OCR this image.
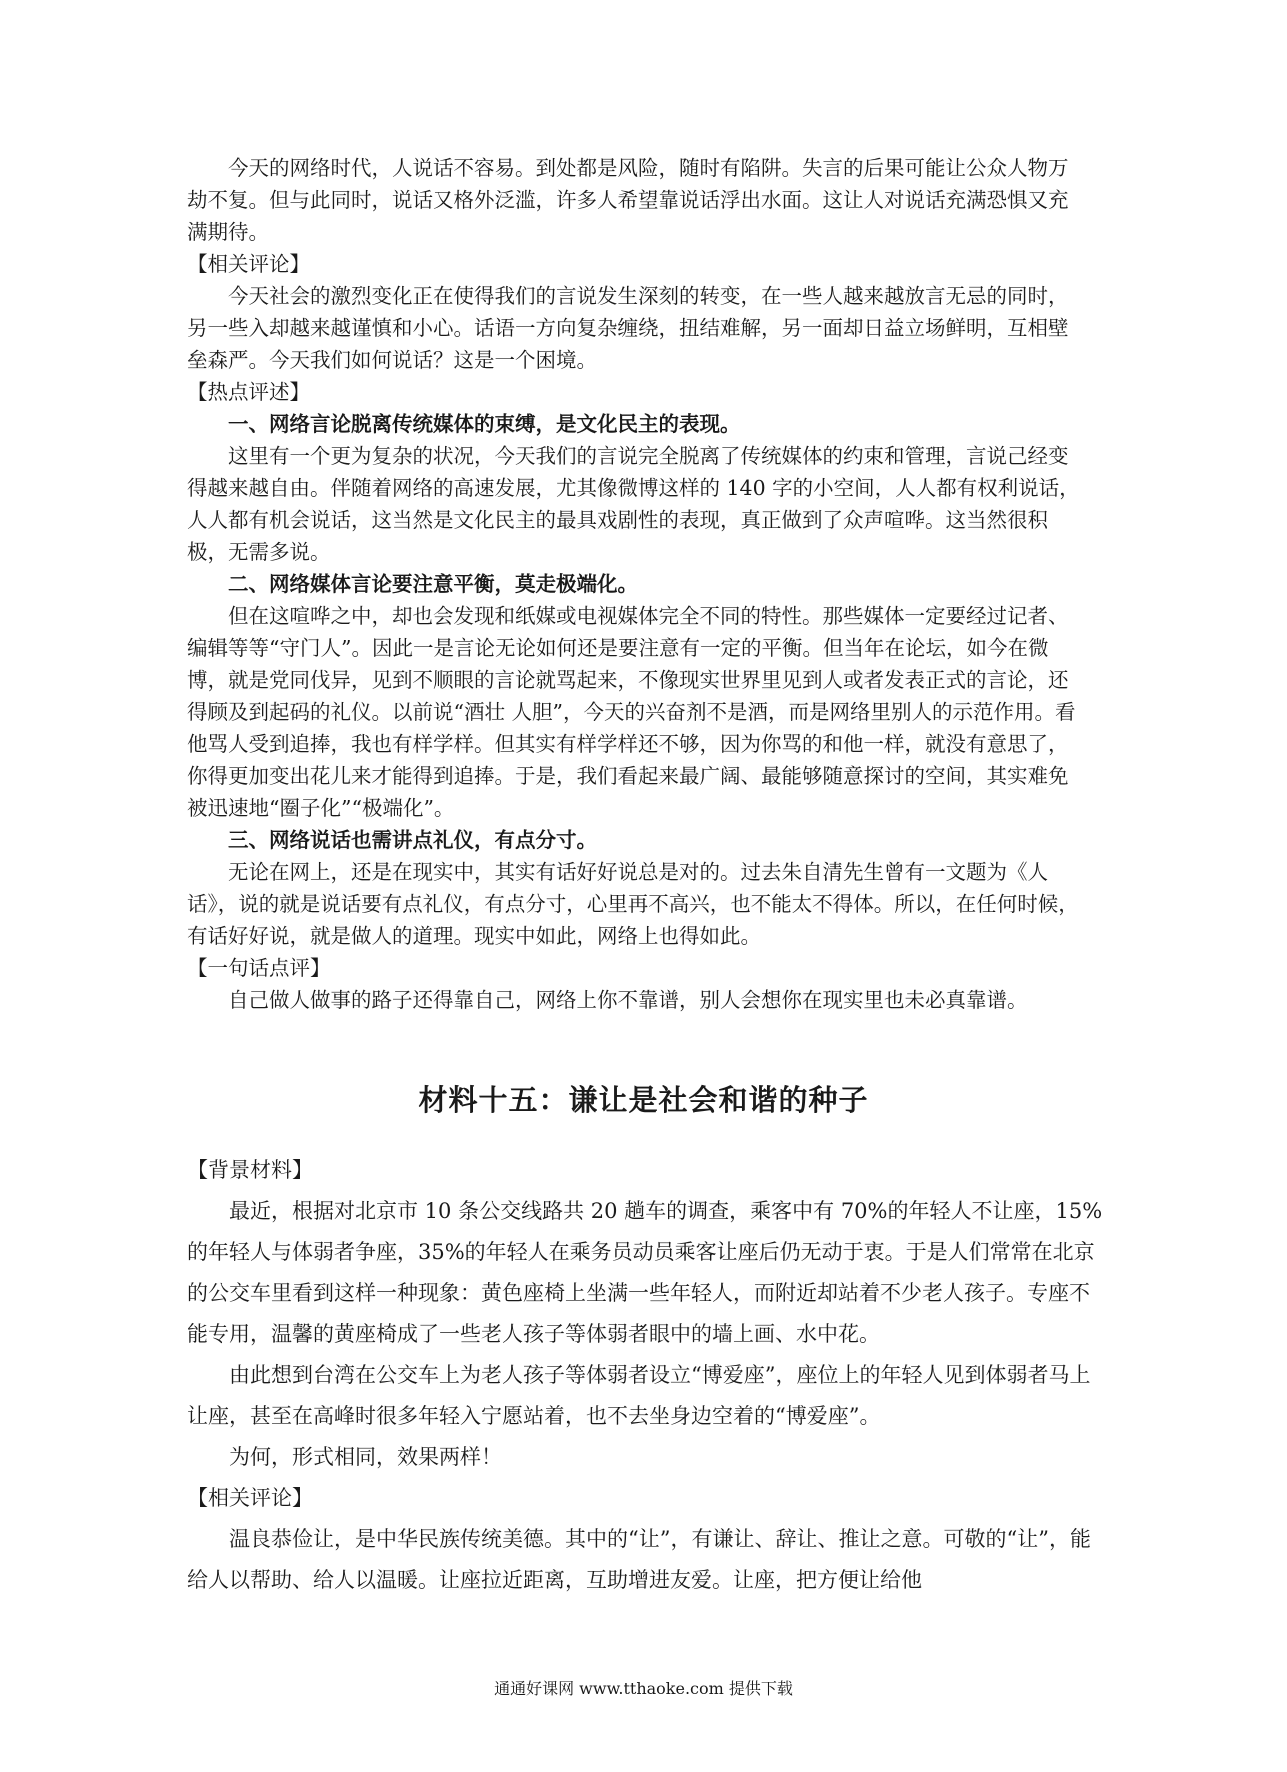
今天的网络时代，人说话不容易。到处都是风险，随时有陷阱。失言的后果可能让公众人物万劫不复。但与此同时，说话又格外泛滥，许多人希望靠说话浮出水面。这让人对说话充满恐惧又充满期待。

【相关评论】

今天社会的激烈变化正在使得我们的言说发生深刻的转变，在一些人越来越放言无忌的同时，另一些入却越来越谨慎和小心。话语一方向复杂缠绕，扭结难解，另一面却日益立场鲜明，互相壁垒森严。今天我们如何说话？这是一个困境。

【热点评述】

一、网络言论脱离传统媒体的束缚，是文化民主的表现。

这里有一个更为复杂的状况，今天我们的言说完全脱离了传统媒体的约束和管理，言说己经变得越来越自由。伴随着网络的高速发展，尤其像微博这样的 140 字的小空间，人人都有权利说话，人人都有机会说话，这当然是文化民主的最具戏剧性的表现，真正做到了众声喧哗。这当然很积极，无需多说。

二、网络媒体言论要注意平衡，莫走极端化。

但在这喧哗之中，却也会发现和纸媒或电视媒体完全不同的特性。那些媒体一定要经过记者、编辑等等“守门人”。因此一是言论无论如何还是要注意有一定的平衡。但当年在论坛，如今在微博，就是党同伐异，见到不顺眼的言论就骂起来，不像现实世界里见到人或者发表正式的言论，还得顾及到起码的礼仪。以前说“酒壮 人胆”，今天的兴奋剂不是酒，而是网络里别人的示范作用。看他骂人受到追捧，我也有样学样。但其实有样学样还不够，因为你骂的和他一样，就没有意思了，你得更加变出花儿来才能得到追捧。于是，我们看起来最广阔、最能够随意探讨的空间，其实难免被迅速地“圈子化”“极端化”。

三、网络说话也需讲点礼仪，有点分寸。

无论在网上，还是在现实中，其实有话好好说总是对的。过去朱自清先生曾有一文题为《人话》，说的就是说话要有点礼仪，有点分寸，心里再不高兴，也不能太不得体。所以，在任何时候，有话好好说，就是做人的道理。现实中如此，网络上也得如此。

【一句话点评】

自己做人做事的路子还得靠自己，网络上你不靠谱，别人会想你在现实里也未必真靠谱。

材料十五：谦让是社会和谐的种子

【背景材料】

最近，根据对北京市 10 条公交线路共 20 趟车的调查，乘客中有 70%的年轻人不让座，15%的年轻人与体弱者争座，35%的年轻人在乘务员动员乘客让座后仍无动于衷。于是人们常常在北京的公交车里看到这样一种现象：黄色座椅上坐满一些年轻人，而附近却站着不少老人孩子。专座不能专用，温馨的黄座椅成了一些老人孩子等体弱者眼中的墙上画、水中花。

由此想到台湾在公交车上为老人孩子等体弱者设立“博爱座”，座位上的年轻人见到体弱者马上让座，甚至在高峰时很多年轻入宁愿站着，也不去坐身边空着的“博爱座”。

为何，形式相同，效果两样！

【相关评论】

温良恭俭让，是中华民族传统美德。其中的“让”，有谦让、辞让、推让之意。可敬的“让”，能给人以帮助、给人以温暖。让座拉近距离，互助增进友爱。让座，把方便让给他

通通好课网 www.tthaoke.com 提供下载
